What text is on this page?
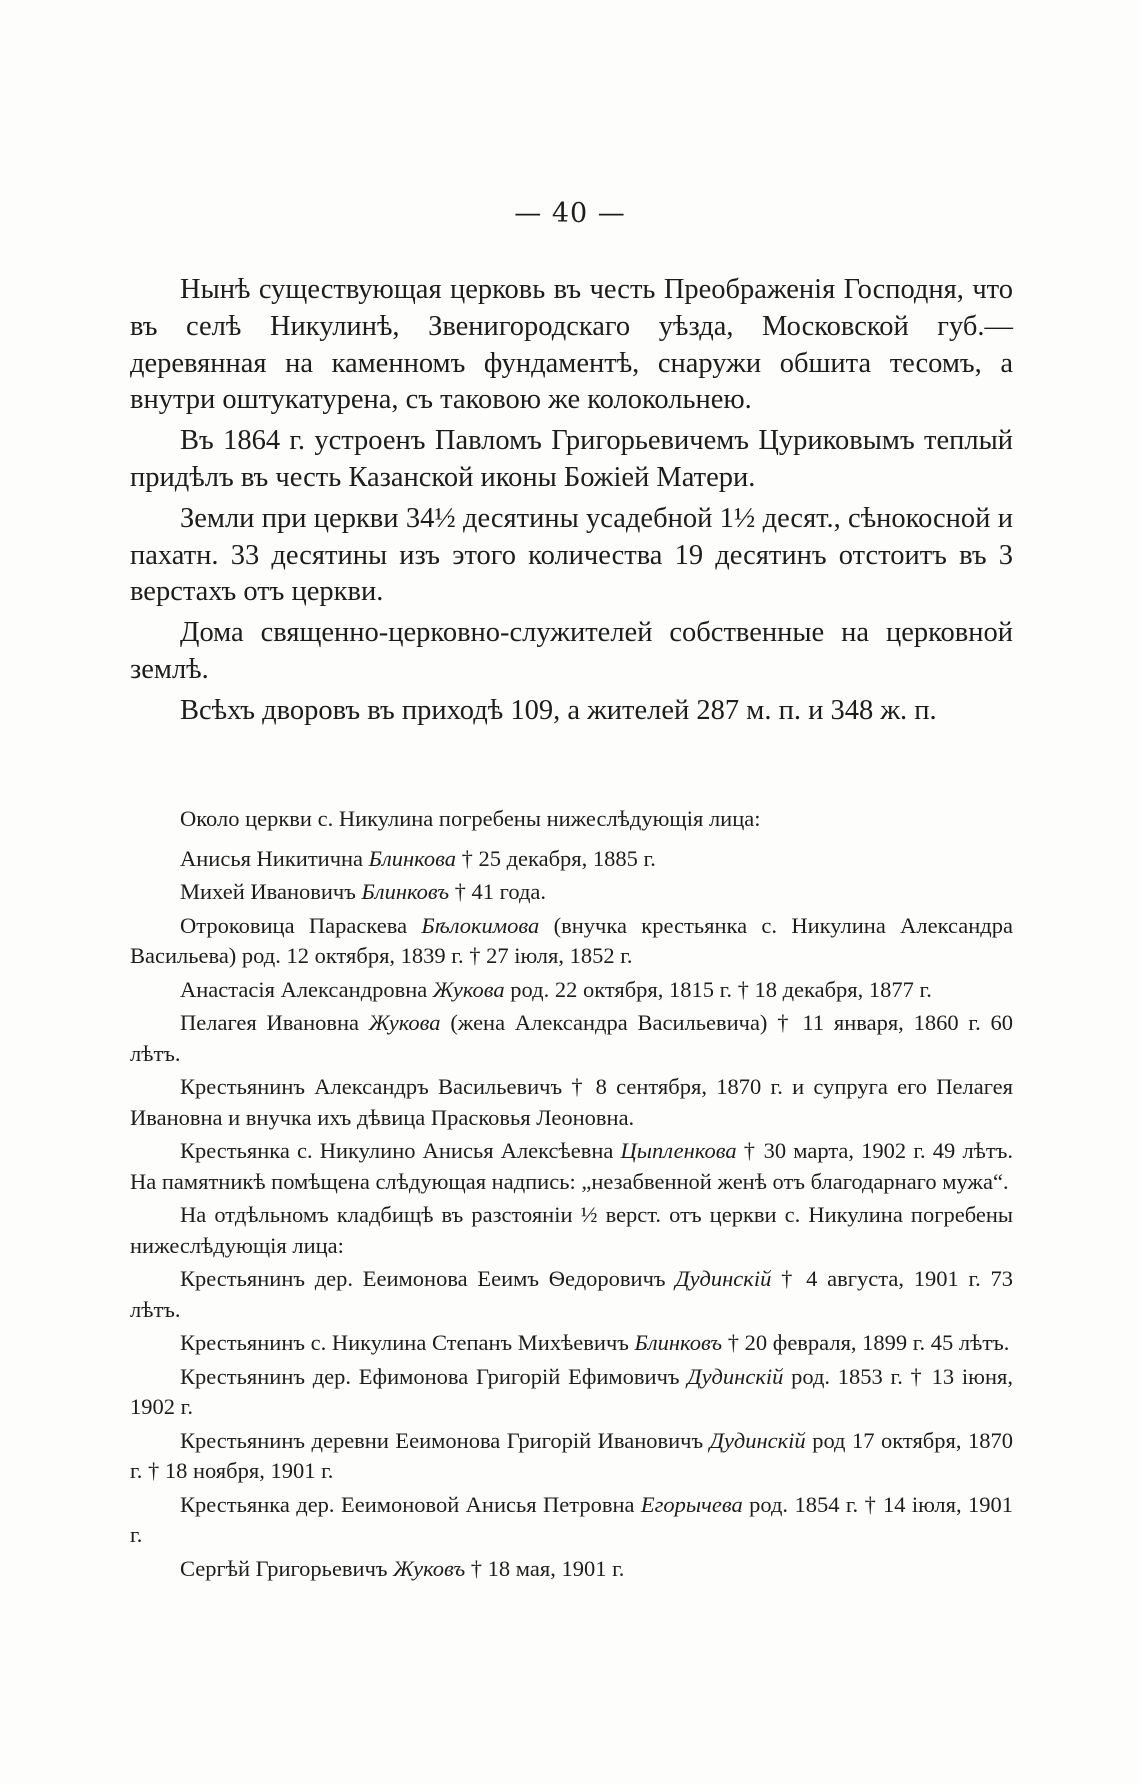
— 40 —

Нынѣ существующая церковь въ честь Преображенія Господня, что въ селѣ Никулинѣ, Звенигородскаго уѣзда, Московской губ.—деревянная на каменномъ фундаментѣ, снаружи обшита тесомъ, а внутри оштукатурена, съ таковою же колокольнею.

Въ 1864 г. устроенъ Павломъ Григорьевичемъ Цуриковымъ теплый придѣлъ въ честь Казанской иконы Божіей Матери.

Земли при церкви 34½ десятины усадебной 1½ десят., сѣнокосной и пахатн. 33 десятины изъ этого количества 19 десятинъ отстоитъ въ 3 верстахъ отъ церкви.

Дома священно-церковно-служителей собственные на церковной землѣ.

Всѣхъ дворовъ въ приходѣ 109, а жителей 287 м. п. и 348 ж. п.

Около церкви с. Никулина погребены нижеслѣдующія лица:

Анисья Никитична Блинкова † 25 декабря, 1885 г.

Михей Ивановичъ Блинковъ † 41 года.

Отроковица Параскева Бѣлокимова (внучка крестьянка с. Никулина Александра Васильева) род. 12 октября, 1839 г. † 27 іюля, 1852 г.

Анастасія Александровна Жукова род. 22 октября, 1815 г. † 18 декабря, 1877 г.

Пелагея Ивановна Жукова (жена Александра Васильевича) † 11 января, 1860 г. 60 лѣтъ.

Крестьянинъ Александръ Васильевичъ † 8 сентября, 1870 г. и супруга его Пелагея Ивановна и внучка ихъ дѣвица Прасковья Леоновна.

Крестьянка с. Никулино Анисья Алексѣевна Цыпленкова † 30 марта, 1902 г. 49 лѣтъ. На памятникѣ помѣщена слѣдующая надпись: „незабвенной женѣ отъ благодарнаго мужа“.

На отдѣльномъ кладбищѣ въ разстояніи ½ верст. отъ церкви с. Никулина погребены нижеслѣдующія лица:

Крестьянинъ дер. Ееимонова Ееимъ Ѳедоровичъ Дудинскій † 4 августа, 1901 г. 73 лѣтъ.

Крестьянинъ с. Никулина Степанъ Михѣевичъ Блинковъ † 20 февраля, 1899 г. 45 лѣтъ.

Крестьянинъ дер. Ефимонова Григорій Ефимовичъ Дудинскій род. 1853 г. † 13 іюня, 1902 г.

Крестьянинъ деревни Ееимонова Григорій Ивановичъ Дудинскій род 17 октября, 1870 г. † 18 ноября, 1901 г.

Крестьянка дер. Ееимоновой Анисья Петровна Егорычева род. 1854 г. † 14 іюля, 1901 г.

Сергѣй Григорьевичъ Жуковъ † 18 мая, 1901 г.
